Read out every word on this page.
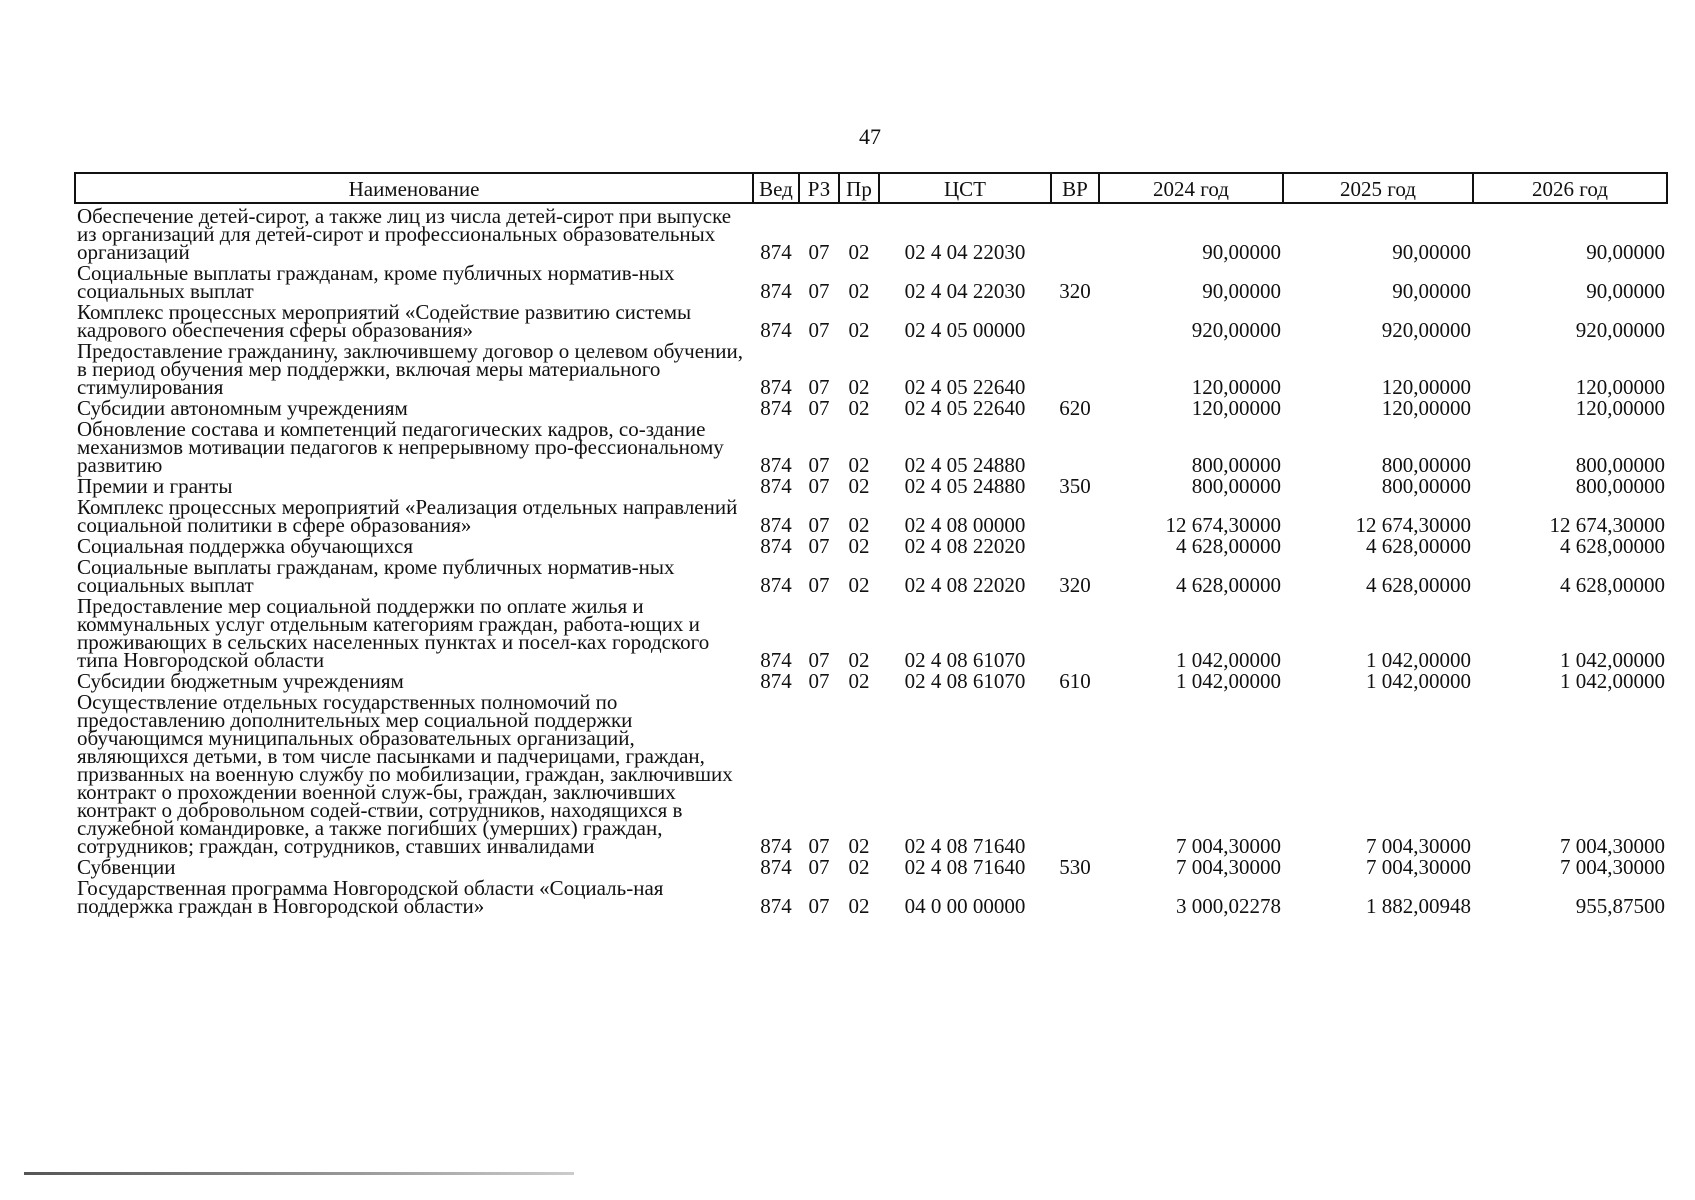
47
Наименование	Вед	РЗ	Пр	ЦСТ	ВР	2024 год	2025 год	2026 год
Обеспечение детей-сирот, а также лиц из числа детей-сирот при выпуске из организаций для детей-сирот и профессиональных образовательных организаций	874	07	02	02 4 04 22030		90,00000	90,00000	90,00000
Социальные выплаты гражданам, кроме публичных норматив-ных социальных выплат	874	07	02	02 4 04 22030	320	90,00000	90,00000	90,00000
Комплекс процессных мероприятий «Содействие развитию системы кадрового обеспечения сферы образования»	874	07	02	02 4 05 00000		920,00000	920,00000	920,00000
Предоставление гражданину, заключившему договор о целевом обучении, в период обучения мер поддержки, включая меры материального стимулирования	874	07	02	02 4 05 22640		120,00000	120,00000	120,00000
Субсидии автономным учреждениям	874	07	02	02 4 05 22640	620	120,00000	120,00000	120,00000
Обновление состава и компетенций педагогических кадров, со-здание механизмов мотивации педагогов к непрерывному про-фессиональному развитию	874	07	02	02 4 05 24880		800,00000	800,00000	800,00000
Премии и гранты	874	07	02	02 4 05 24880	350	800,00000	800,00000	800,00000
Комплекс процессных мероприятий «Реализация отдельных направлений социальной политики в сфере образования»	874	07	02	02 4 08 00000		12 674,30000	12 674,30000	12 674,30000
Социальная поддержка обучающихся	874	07	02	02 4 08 22020		4 628,00000	4 628,00000	4 628,00000
Социальные выплаты гражданам, кроме публичных норматив-ных социальных выплат	874	07	02	02 4 08 22020	320	4 628,00000	4 628,00000	4 628,00000
Предоставление мер социальной поддержки по оплате жилья и коммунальных услуг отдельным категориям граждан, работа-ющих и проживающих в сельских населенных пунктах и посел-ках городского типа Новгородской области	874	07	02	02 4 08 61070		1 042,00000	1 042,00000	1 042,00000
Субсидии бюджетным учреждениям	874	07	02	02 4 08 61070	610	1 042,00000	1 042,00000	1 042,00000
Осуществление отдельных государственных полномочий по предоставлению дополнительных мер социальной поддержки обучающимся муниципальных образовательных организаций, являющихся детьми, в том числе пасынками и падчерицами, граждан, призванных на военную службу по мобилизации, граждан, заключивших контракт о прохождении военной служ-бы, граждан, заключивших контракт о добровольном содей-ствии, сотрудников, находящихся в служебной командировке, а также погибших (умерших) граждан, сотрудников; граждан, сотрудников, ставших инвалидами	874	07	02	02 4 08 71640		7 004,30000	7 004,30000	7 004,30000
Субвенции	874	07	02	02 4 08 71640	530	7 004,30000	7 004,30000	7 004,30000
Государственная программа Новгородской области «Социаль-ная поддержка граждан в Новгородской области»	874	07	02	04 0 00 00000		3 000,02278	1 882,00948	955,87500
